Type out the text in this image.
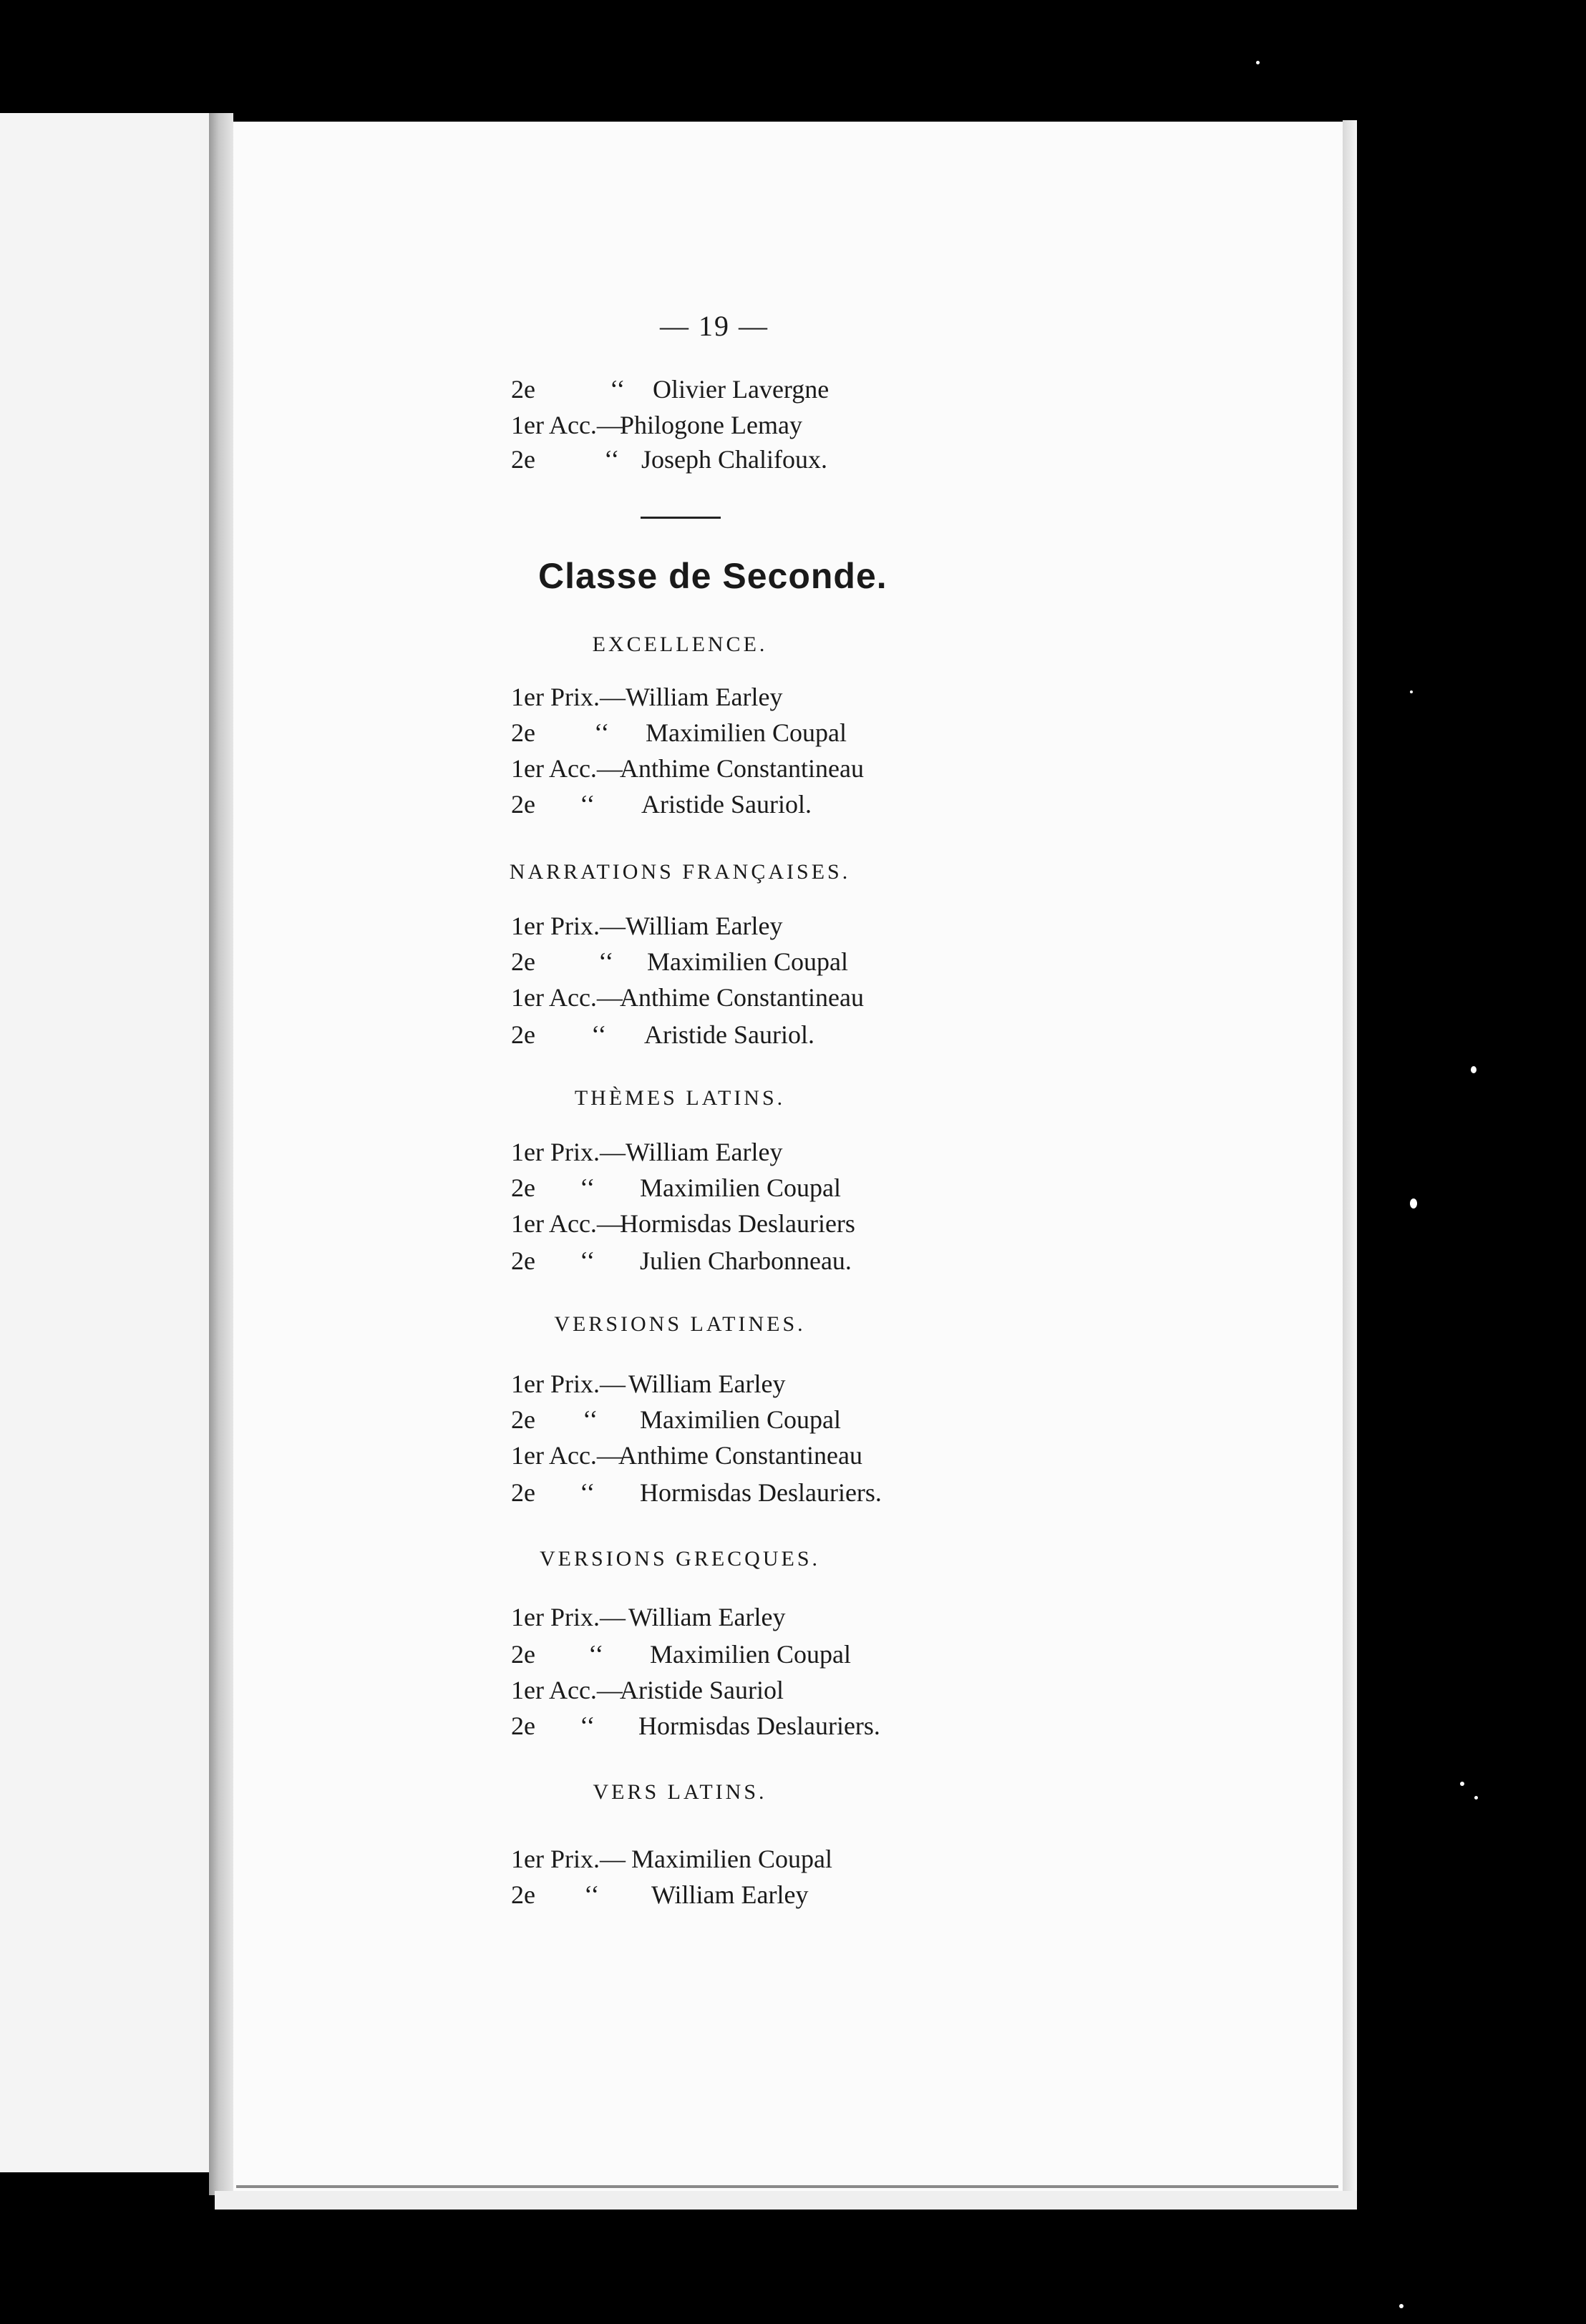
— 19 —
2e	‘‘ Olivier Lavergne
1er Acc.—
Philogone Lemay
2e	‘‘ Joseph Chalifoux.
Classe de Seconde.
EXCELLENCE.
1er Prix.— William Earley
2e ‘‘ Maximilien Coupal
1er Acc.—
Anthime Constantineau
2e ‘‘ Aristide Sauriol.
NARRATIONS FRANÇAISES.
1er Prix.— William Earley
2e ‘‘ Maximilien Coupal
1er Acc.—
Anthime Constantineau
2e ‘‘ Aristide Sauriol.
THÈMES LATINS.
1er Prix.— William Earley
2e ‘‘ Maximilien Coupal
1er Acc.—
Hormisdas Deslauriers
2e ‘‘ Julien Charbonneau.
VERSIONS LATINES.
1er Prix.— William Earley
2e ‘‘ Maximilien Coupal
1er Acc.—
Anthime Constantineau
2e ‘‘ Hormisdas Deslauriers.
VERSIONS GRECQUES.
1er Prix.— William Earley
2e ‘‘ Maximilien Coupal
1er Acc.—
Aristide Sauriol
2e ‘‘ Hormisdas Deslauriers.
VERS LATINS.
1er Prix.— Maximilien Coupal
2e ‘‘ William Earley
